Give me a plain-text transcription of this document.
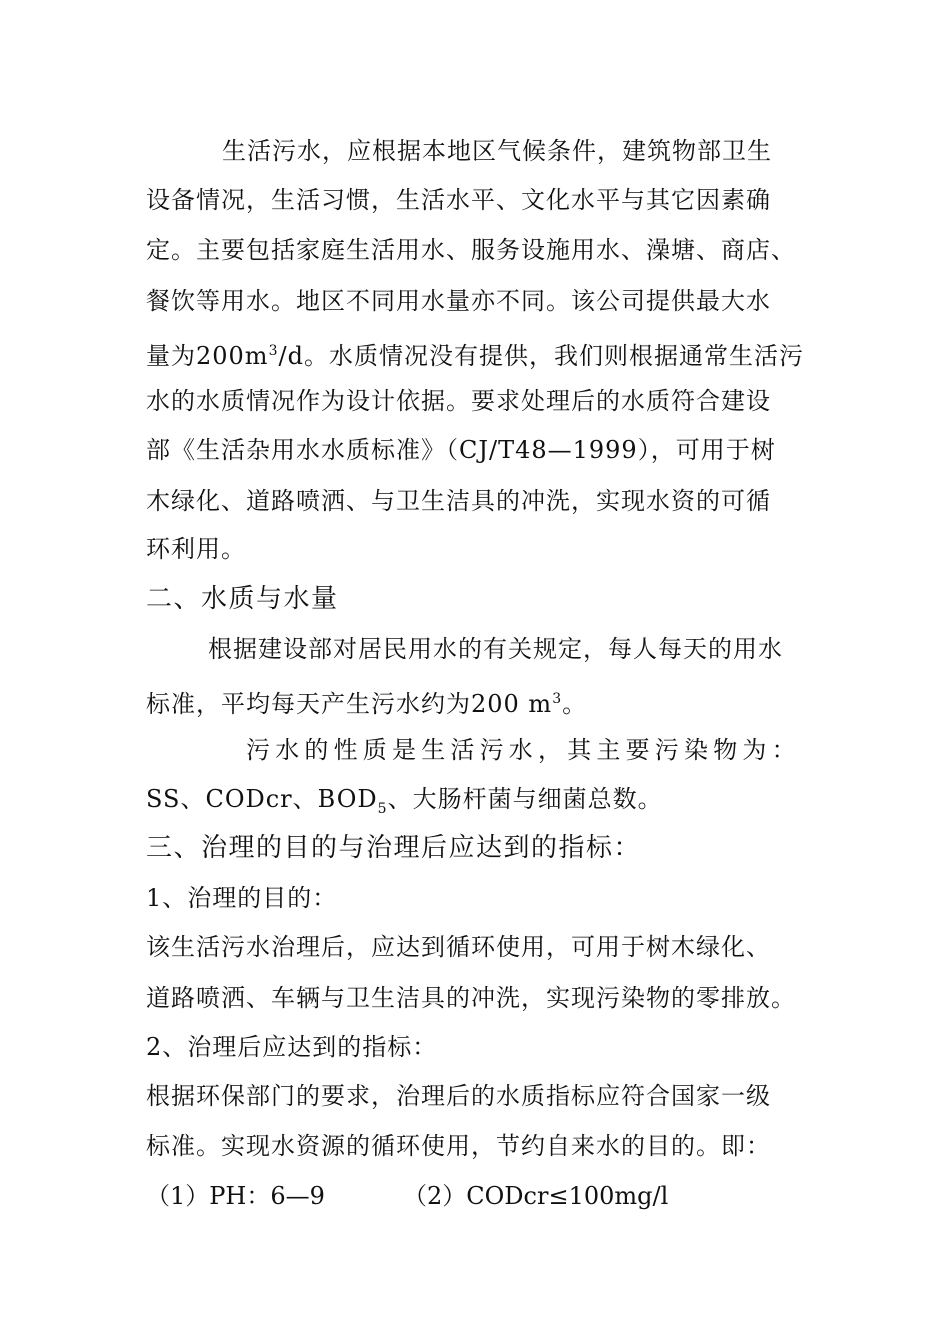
生活污水，应根据本地区气候条件，建筑物部卫生
设备情况，生活习惯，生活水平、文化水平与其它因素确
定。主要包括家庭生活用水、服务设施用水、澡塘、商店、
餐饮等用水。地区不同用水量亦不同。该公司提供最大水
量为$200m^3/d$。水质情况没有提供，我们则根据通常生活污
水的水质情况作为设计依据。要求处理后的水质符合建设
部《生活杂用水水质标准》（CJ/T48—1999），可用于树
木绿化、道路喷洒、与卫生洁具的冲洗，实现水资的可循
环利用。
二、水质与水量
根据建设部对居民用水的有关规定，每人每天的用水
标准，平均每天产生污水约为200 $m^3$。
污水的性质是生活污水，其主要污染物为：
SS、CODcr、$BOD_5$、大肠杆菌与细菌总数。
三、治理的目的与治理后应达到的指标：
1、治理的目的：
该生活污水治理后，应达到循环使用，可用于树木绿化、
道路喷洒、车辆与卫生洁具的冲洗，实现污染物的零排放。
2、治理后应达到的指标：
根据环保部门的要求，治理后的水质指标应符合国家一级
标准。实现水资源的循环使用，节约自来水的目的。即：
（1）PH：6—9	（2）CODcr≤100mg/l
